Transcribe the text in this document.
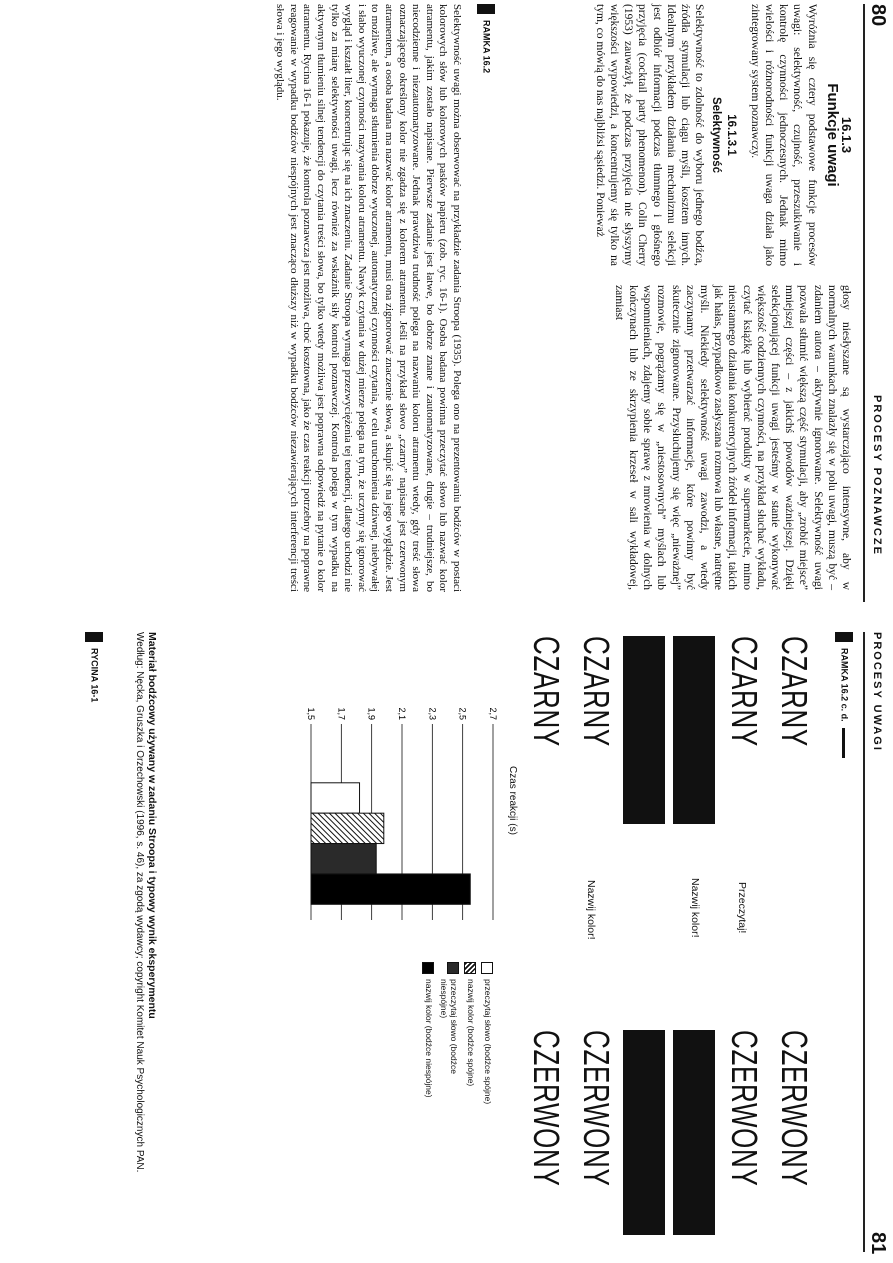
80
PROCESY POZNAWCZE
16.1.3
Funkcje uwagi

Wyróżnia się cztery podstawowe funkcje procesów uwagi: selektywność, czujność, przeszukiwanie i kontrolę czynności jednoczesnych. Jednak mimo wielości i różnorodności funkcji uwaga działa jako zintegrowany system poznawczy.

16.1.3.1
Selektywność

Selektywność to zdolność do wyboru jednego bodźca, źródła stymulacji lub ciągu myśli, kosztem innych. Idealnym przykładem działania mechanizmu selekcji jest odbiór informacji podczas tłumnego i głośnego przyjęcia (cocktail party phenomenon). Colin Cherry (1953) zauważył, że podczas przyjęcia nie słyszymy większości wypowiedzi, a koncentrujemy się tylko na tym, co mówią do nas najbliżsi sąsiedzi. Ponieważ

głosy niesłyszane są wystarczająco intensywne, aby w normalnych warunkach znalazły się w polu uwagi, muszą być – zdaniem autora – aktywnie ignorowane. Selektywność uwagi pozwala stłumić większą część stymulacji, aby „zrobić miejsce” mniejszej części – z jakichś powodów ważniejszej. Dzięki selekcjonującej funkcji uwagi jesteśmy w stanie wykonywać większość codziennych czynności, na przykład słuchać wykładu, czytać książkę lub wybierać produkty w supermarkecie, mimo nieustannego działania konkurencyjnych źródeł informacji, takich jak hałas, przypadkowo zasłyszana rozmowa lub własne, natrętne myśli. Niekiedy selektywność uwagi zawodzi, a wtedy zaczynamy przetwarzać informacje, które powinny być skutecznie zignorowane. Przysłuchujemy się więc „nieważnej” rozmowie, pogrążamy się w „niestosownych” myślach lub wspomnieniach, zdajemy sobie sprawę z mrowienia w dolnych kończynach lub ze skrzypienia krzeseł w sali wykładowej, zamiast

RAMKA 16.2

Selektywność uwagi można obserwować na przykładzie zadania Stroopa (1935). Polega ono na prezentowaniu bodźców w postaci kolorowych słów lub kolorowych pasków papieru (zob. ryc. 16-1). Osoba badana powinna przeczytać słowo lub nazwać kolor atramentu, jakim zostało napisane. Pierwsze zadanie jest łatwe, bo dobrze znane i zautomatyzowane, drugie – trudniejsze, bo niecodzienne i niezautomatyzowane. Jednak prawdziwa trudność polega na nazwaniu koloru atramentu wtedy, gdy treść słowa oznaczającego określony kolor nie zgadza się z kolorem atramentu. Jeśli na przykład słowo „czarny” napisane jest czerwonym atramentem, a osoba badana ma nazwać kolor atramentu, musi ona zignorować znaczenie słowa, a skupić się na jego wyglądzie. Jest to możliwe, ale wymaga stłumienia dobrze wyuczonej, automatycznej czynności czytania, w celu uruchomienia dziwnej, niebywałej i słabo wyuczonej czynności nazywania koloru atramentu. Nawyk czytania w dużej mierze polega na tym, że uczymy się ignorować wygląd i kształt liter, koncentrując się na ich znaczeniu. Zadanie Stroopa wymaga przezwyciężenia tej tendencji, dlatego uchodzi nie tylko za miarę selektywności uwagi, lecz również za wskaźnik siły kontroli poznawczej. Kontrola polega w tym wypadku na aktywnym tłumieniu silnej tendencji do czytania treści słowa, bo tylko wtedy możliwa jest poprawna odpowiedź na pytanie o kolor atramentu. Rycina 16-1 pokazuje, że kontrola poznawcza jest możliwa, choć kosztowna, jako że czas reakcji potrzebny na poprawne reagowanie w wypadku bodźców niespójnych jest znacząco dłuższy niż w wypadku bodźców niezawierających interferencji treści słowa i jego wyglądu.

PROCESY UWAGI
81
RAMKA 16.2 c. d.
CZARNY
CZERWONY
Przeczytaj!
CZARNY
CZERWONY
Nazwij kolor!
CZARNY
CZERWONY
Nazwij kolor!
CZARNY
CZERWONY
Czas reakcji (s)
1,5 1,7 1,9 2,1 2,3 2,5 2,7
przeczytaj słowo (bodźce spójne)
nazwij kolor (bodźce spójne)
przeczytaj słowo (bodźce niespójne)
nazwij kolor (bodźce niespójne)
Materiał bodźcowy używany w zadaniu Stroopa i typowy wynik eksperymentu
Według: Nęcka, Gruszka i Orzechowski (1996, s. 46), za zgodą wydawcy; copyright Komitet Nauk Psychologicznych PAN.
RYCINA 16-1
